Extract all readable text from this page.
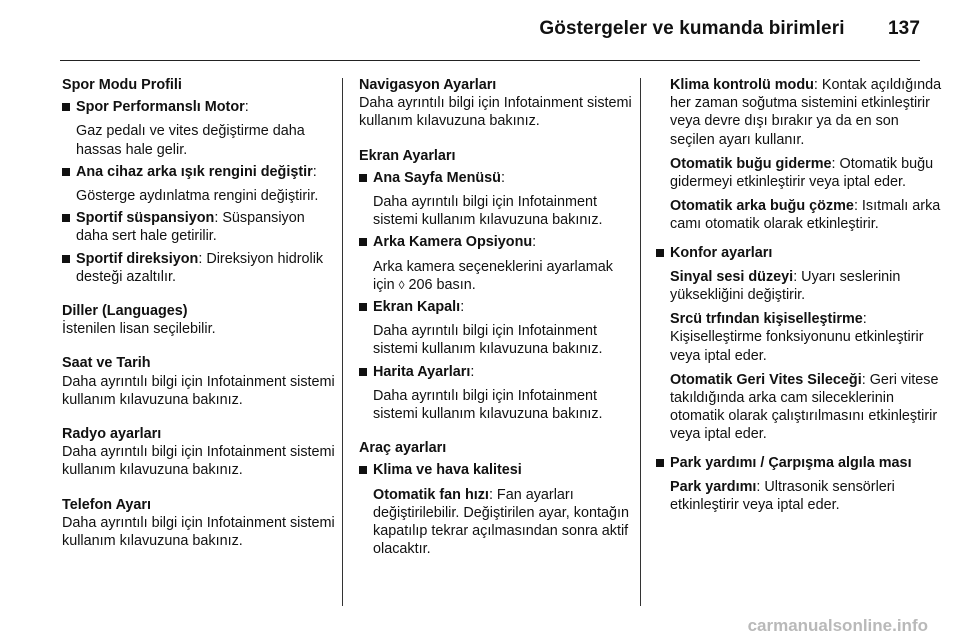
Göstergeler ve kumanda birimleri 137
Spor Modu Profili
Spor Performanslı Motor:
Gaz pedalı ve vites değiştirme daha hassas hale gelir.
Ana cihaz arka ışık rengini değiştir:
Gösterge aydınlatma rengini değiştirir.
Sportif süspansiyon: Süspansiyon daha sert hale getirilir.
Sportif direksiyon: Direksiyon hidrolik desteği azaltılır.
Diller (Languages)
İstenilen lisan seçilebilir.
Saat ve Tarih
Daha ayrıntılı bilgi için Infotainment sistemi kullanım kılavuzuna bakınız.
Radyo ayarları
Daha ayrıntılı bilgi için Infotainment sistemi kullanım kılavuzuna bakınız.
Telefon Ayarı
Daha ayrıntılı bilgi için Infotainment sistemi kullanım kılavuzuna bakınız.
Navigasyon Ayarları
Daha ayrıntılı bilgi için Infotainment sistemi kullanım kılavuzuna bakınız.
Ekran Ayarları
Ana Sayfa Menüsü:
Daha ayrıntılı bilgi için Infotainment sistemi kullanım kılavuzuna bakınız.
Arka Kamera Opsiyonu:
Arka kamera seçeneklerini ayarlamak için ◊ 206 basın.
Ekran Kapalı:
Daha ayrıntılı bilgi için Infotainment sistemi kullanım kılavuzuna bakınız.
Harita Ayarları:
Daha ayrıntılı bilgi için Infotainment sistemi kullanım kılavuzuna bakınız.
Araç ayarları
Klima ve hava kalitesi
Otomatik fan hızı: Fan ayarları değiştirilebilir. Değiştirilen ayar, kontağın kapatılıp tekrar açılmasından sonra aktif olacaktır.
Klima kontrolü modu: Kontak açıldığında her zaman soğutma sistemini etkinleştirir veya devre dışı bırakır ya da en son seçilen ayarı kullanır.
Otomatik buğu giderme: Otomatik buğu gidermeyi etkinleştirir veya iptal eder.
Otomatik arka buğu çözme: Isıtmalı arka camı otomatik olarak etkinleştirir.
Konfor ayarları
Sinyal sesi düzeyi: Uyarı seslerinin yüksekliğini değiştirir.
Srcü trfından kişiselleştirme: Kişiselleştirme fonksiyonunu etkinleştirir veya iptal eder.
Otomatik Geri Vites Sileceği: Geri vitese takıldığında arka cam sileceklerinin otomatik olarak çalıştırılmasını etkinleştirir veya iptal eder.
Park yardımı / Çarpışma algıla ması
Park yardımı: Ultrasonik sensörleri etkinleştirir veya iptal eder.
carmanualsonline.info
